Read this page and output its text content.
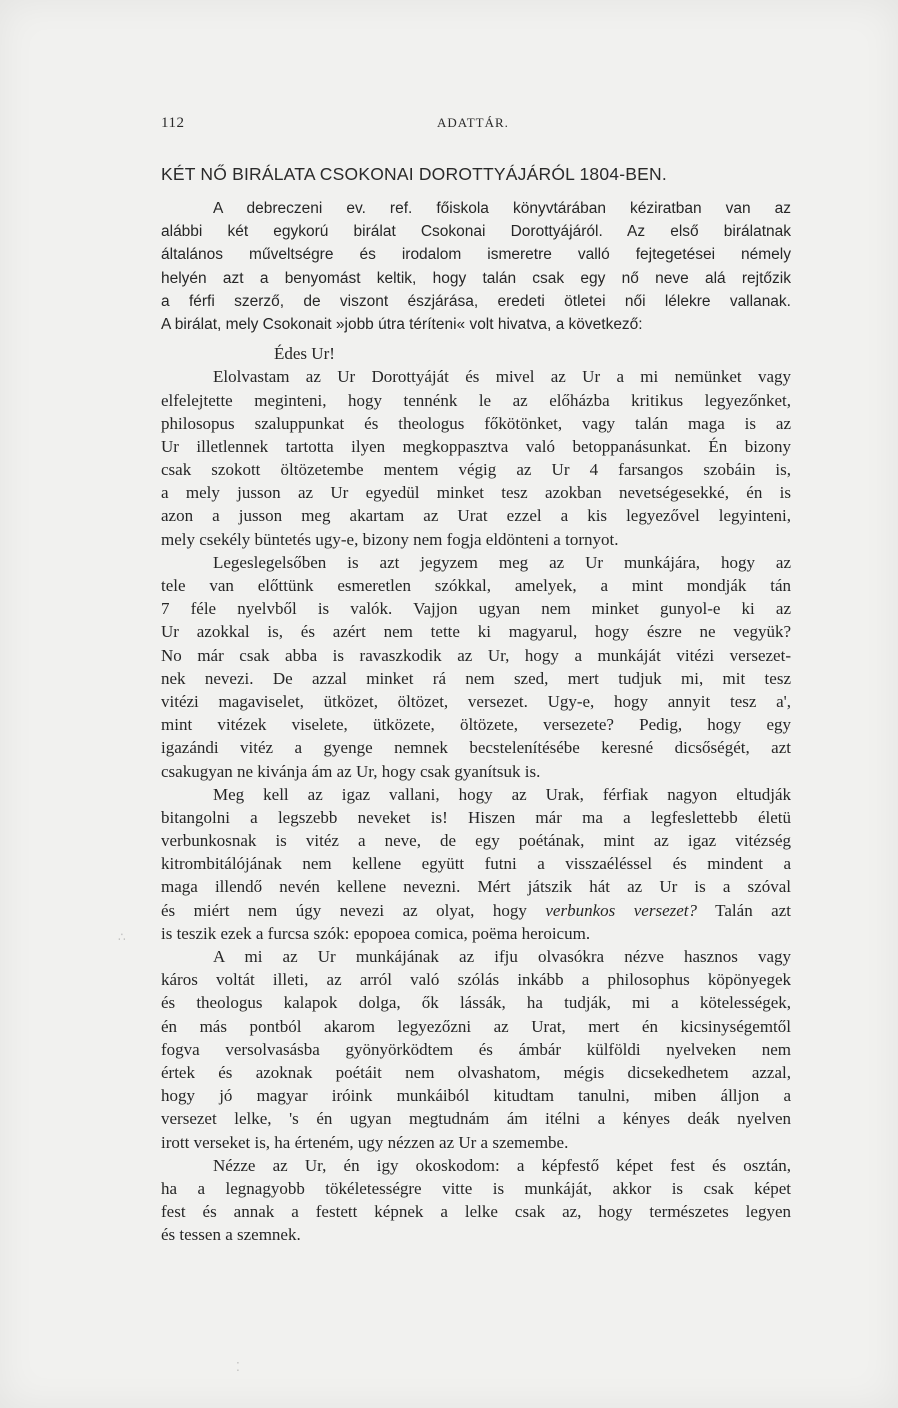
112	ADATTÁR.
KÉT NŐ BIRÁLATA CSOKONAI DOROTTYÁJÁRÓL 1804-BEN.
A debreczeni ev. ref. főiskola könyvtárában kéziratban van az
alábbi két egykorú birálat Csokonai Dorottyájáról. Az első birálatnak
általános műveltségre és irodalom ismeretre valló fejtegetései némely
helyén azt a benyomást keltik, hogy talán csak egy nő neve alá rejtőzik
a férfi szerző, de viszont észjárása, eredeti ötletei női lélekre vallanak.
A birálat, mely Csokonait »jobb útra téríteni« volt hivatva, a következő:
Édes Ur!
Elolvastam az Ur Dorottyáját és mivel az Ur a mi nemünket vagy
elfelejtette meginteni, hogy tennénk le az előházba kritikus legyezőnket,
philosopus szaluppunkat és theologus főkötönket, vagy talán maga is az
Ur illetlennek tartotta ilyen megkoppasztva való betoppanásunkat. Én bizony
csak szokott öltözetembe mentem végig az Ur 4 farsangos szobáin is,
a mely jusson az Ur egyedül minket tesz azokban nevetségesekké, én is
azon a jusson meg akartam az Urat ezzel a kis legyezővel legyinteni,
mely csekély büntetés ugy-e, bizony nem fogja eldönteni a tornyot.
Legeslegelsőben is azt jegyzem meg az Ur munkájára, hogy az
tele van előttünk esmeretlen szókkal, amelyek, a mint mondják tán
7 féle nyelvből is valók. Vajjon ugyan nem minket gunyol-e ki az
Ur azokkal is, és azért nem tette ki magyarul, hogy észre ne vegyük?
No már csak abba is ravaszkodik az Ur, hogy a munkáját vitézi versezet-
nek nevezi. De azzal minket rá nem szed, mert tudjuk mi, mit tesz
vitézi magaviselet, ütközet, öltözet, versezet. Ugy-e, hogy annyit tesz a',
mint vitézek viselete, ütközete, öltözete, versezete? Pedig, hogy egy
igazándi vitéz a gyenge nemnek becstelenítésébe keresné dicsőségét, azt
csakugyan ne kivánja ám az Ur, hogy csak gyanítsuk is.
Meg kell az igaz vallani, hogy az Urak, férfiak nagyon eltudják
bitangolni a legszebb neveket is! Hiszen már ma a legfeslettebb életü
verbunkosnak is vitéz a neve, de egy poétának, mint az igaz vitézség
kitrombitálójának nem kellene együtt futni a visszaéléssel és mindent a
maga illendő nevén kellene nevezni. Mért játszik hát az Ur is a szóval
és miért nem úgy nevezi az olyat, hogy verbunkos versezet? Talán azt
is teszik ezek a furcsa szók: epopoea comica, poëma heroicum.
A mi az Ur munkájának az ifju olvasókra nézve hasznos vagy
káros voltát illeti, az arról való szólás inkább a philosophus köpönyegek
és theologus kalapok dolga, ők lássák, ha tudják, mi a kötelességek,
én más pontból akarom legyezőzni az Urat, mert én kicsinységemtől
fogva versolvasásba gyönyörködtem és ámbár külföldi nyelveken nem
értek és azoknak poétáit nem olvashatom, mégis dicsekedhetem azzal,
hogy jó magyar iróink munkáiból kitudtam tanulni, miben álljon a
versezet lelke, 's én ugyan megtudnám ám itélni a kényes deák nyelven
irott verseket is, ha érteném, ugy nézzen az Ur a szemembe.
Nézze az Ur, én igy okoskodom: a képfestő képet fest és osztán,
ha a legnagyobb tökéletességre vitte is munkáját, akkor is csak képet
fest és annak a festett képnek a lelke csak az, hogy természetes legyen
és tessen a szemnek.
∴
⁚
